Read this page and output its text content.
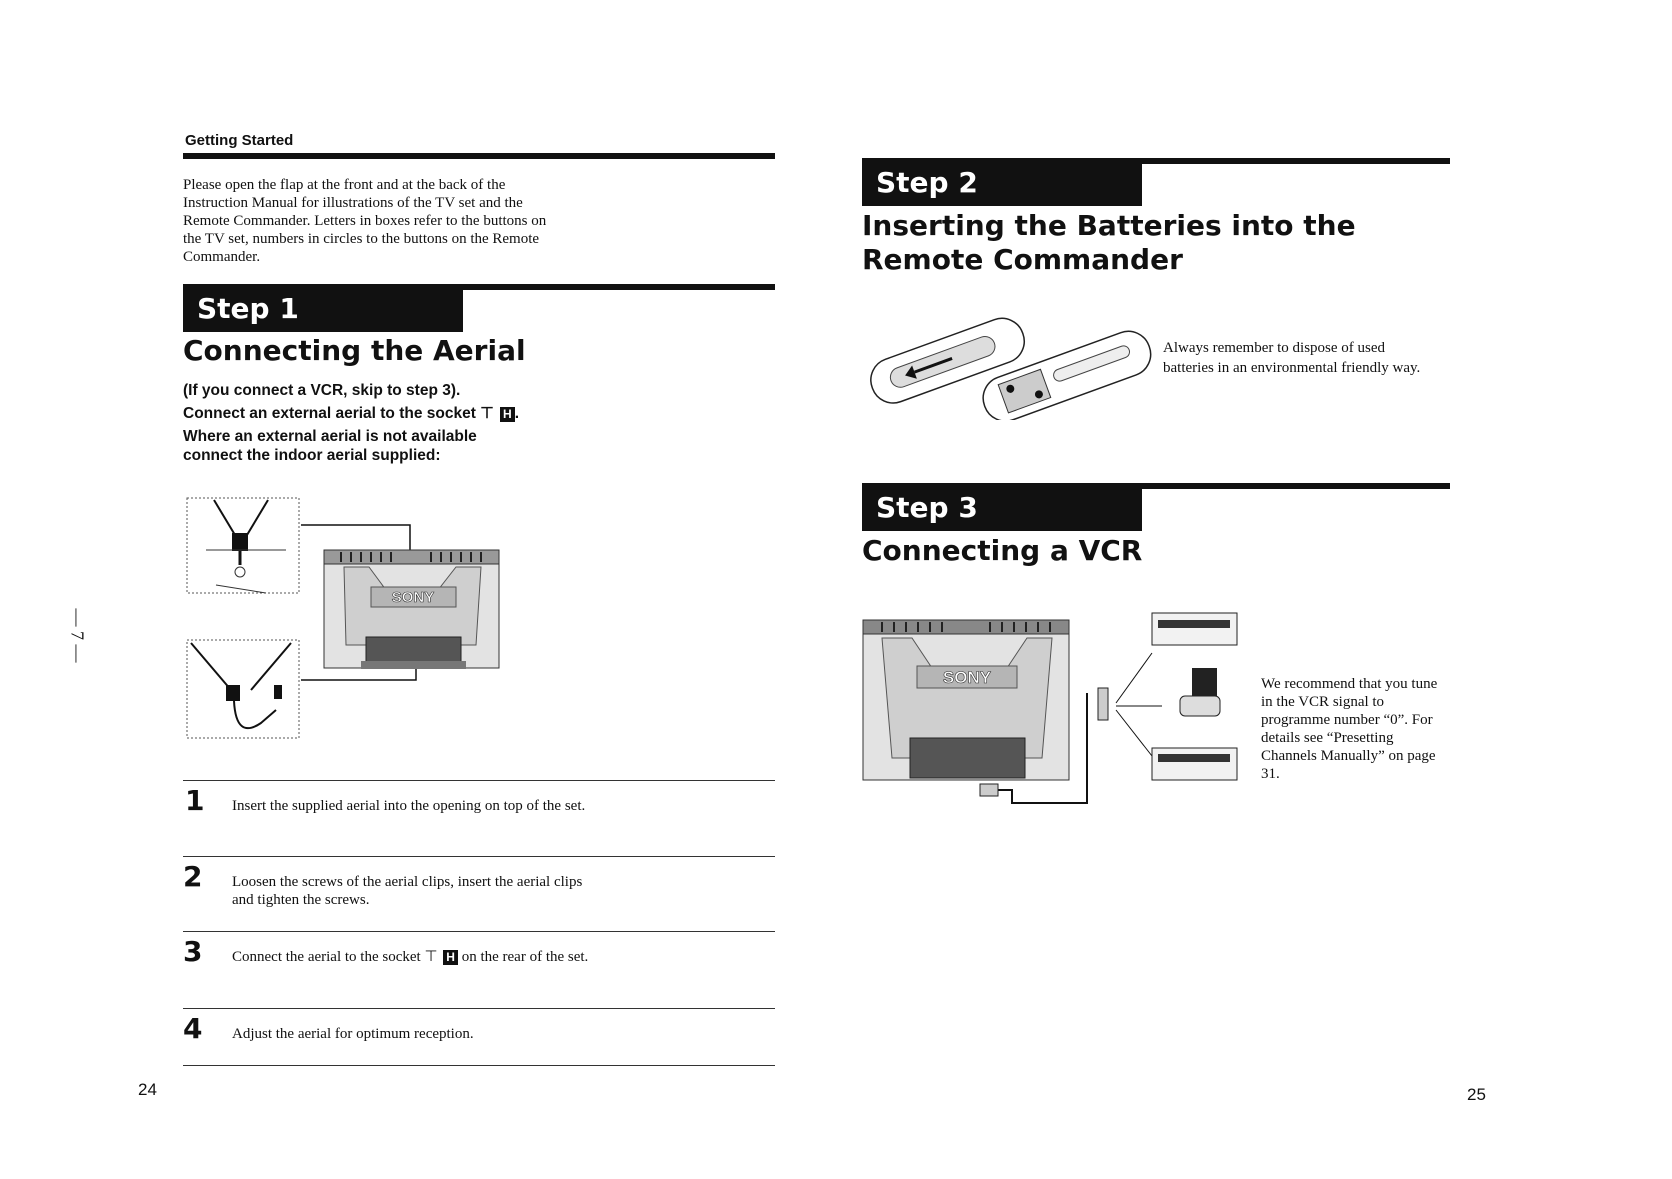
Getting Started
Please open the flap at the front and at the back of the Instruction Manual for illustrations of the TV set and the Remote Commander. Letters in boxes refer to the buttons on the TV set, numbers in circles to the buttons on the Remote Commander.
Step 1
Connecting the Aerial
(If you connect a VCR, skip to step 3).
Connect an external aerial to the socket ⊤ H .
Where an external aerial is not available connect the indoor aerial supplied:
SONY
1 Insert the supplied aerial into the opening on top of the set.
2 Loosen the screws of the aerial clips, insert the aerial clips and tighten the screws.
3 Connect the aerial to the socket ⊤ H on the rear of the set.
4 Adjust the aerial for optimum reception.
24
— 7 —
Step 2
Inserting the Batteries into the
Remote Commander
Always remember to dispose of used batteries in an environmental friendly way.
Step 3
Connecting a VCR
SONY	We recommend that you tune in the VCR signal to programme number “0”. For details see “Presetting Channels Manually” on page 31.
25
